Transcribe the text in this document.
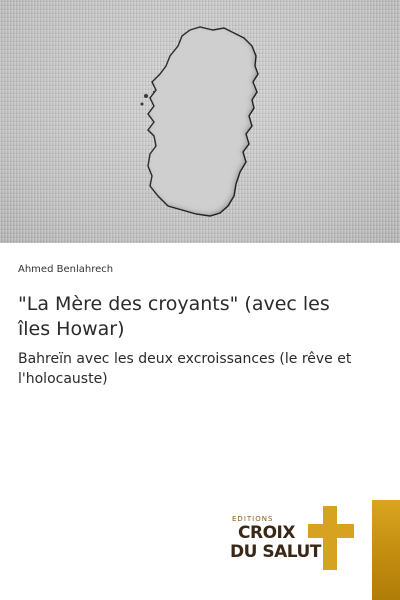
Ahmed Benlahrech
"La Mère des croyants" (avec les îles Howar)
Bahreïn avec les deux excroissances (le rêve et l'holocauste)
EDITIONS
CROIX
DU SALUT
